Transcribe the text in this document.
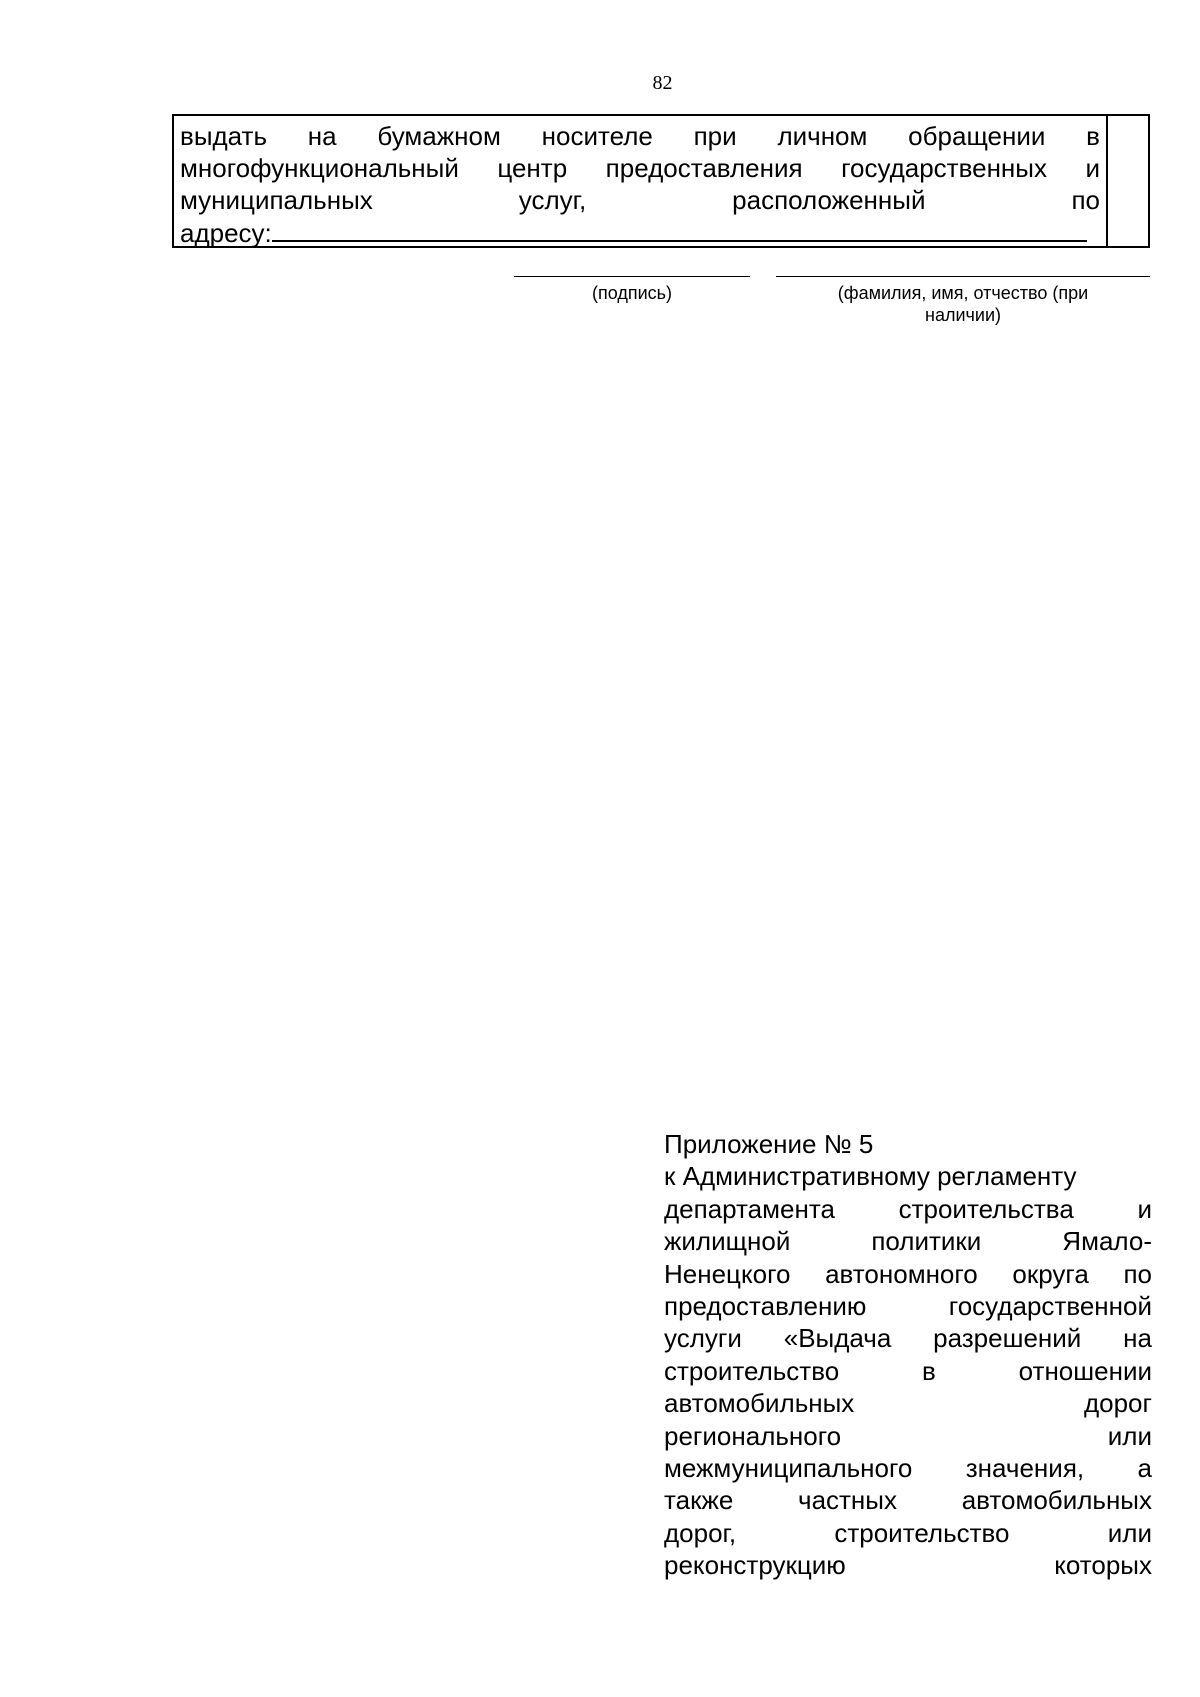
82
выдать на бумажном носителе при личном обращении в
многофункциональный центр предоставления государственных и
муниципальных услуг, расположенный по
адресу:
(подпись)	(фамилия, имя, отчество (при
наличии)
Приложение № 5
к Административному регламенту
департамента строительства и
жилищной политики Ямало-
Ненецкого автономного округа по
предоставлению государственной
услуги «Выдача разрешений на
строительство в отношении
автомобильных дорог
регионального или
межмуниципального значения, а
также частных автомобильных
дорог, строительство или
реконструкцию которых
